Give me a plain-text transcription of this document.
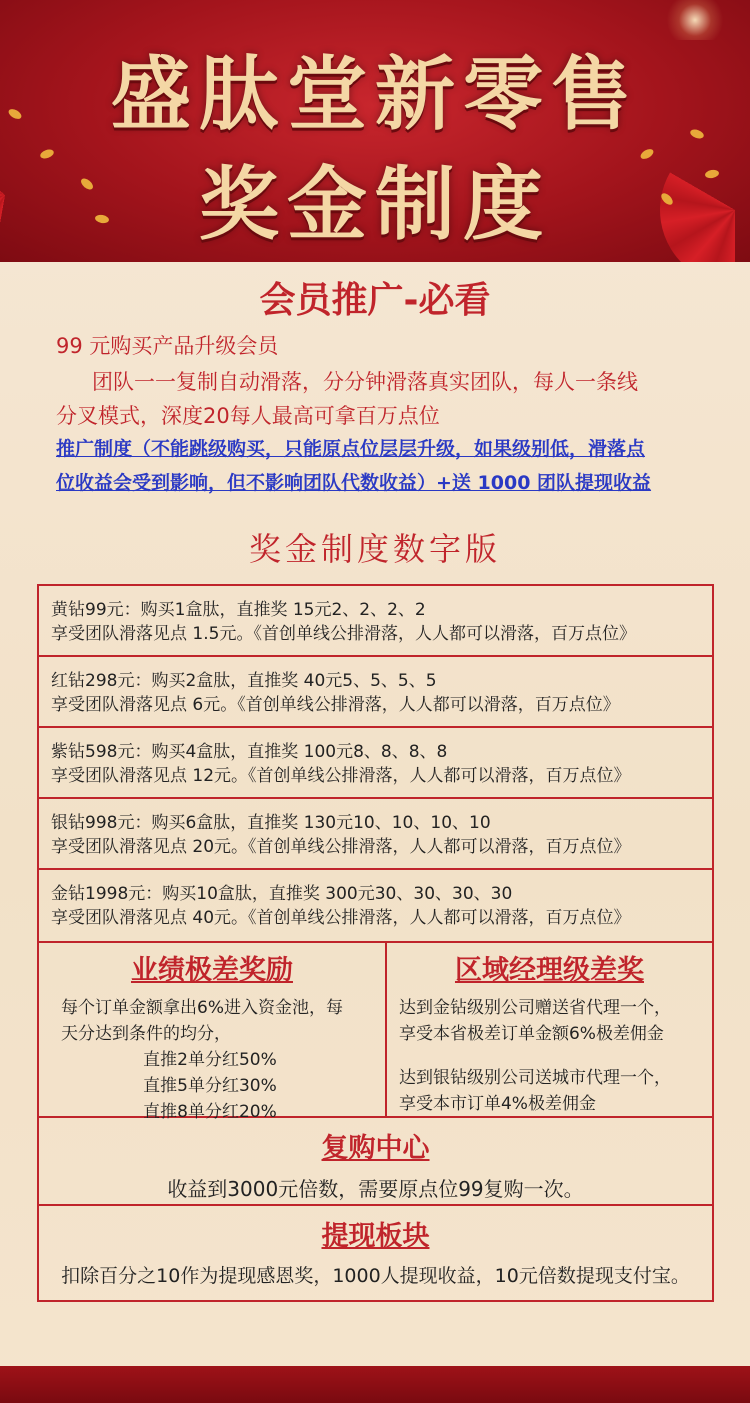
盛肽堂新零售
奖金制度
会员推广-必看
99 元购买产品升级会员
团队一一复制自动滑落，分分钟滑落真实团队，每人一条线
分叉模式，深度20每人最高可拿百万点位
推广制度（不能跳级购买，只能原点位层层升级，如果级别低，滑落点
位收益会受到影响，但不影响团队代数收益）+送 1000 团队提现收益
奖金制度数字版
黄钻99元：购买1盒肽，直推奖 15元2、2、2、2
享受团队滑落见点 1.5元。《首创单线公排滑落，人人都可以滑落，百万点位》
红钻298元：购买2盒肽，直推奖 40元5、5、5、5
享受团队滑落见点 6元。《首创单线公排滑落，人人都可以滑落，百万点位》
紫钻598元：购买4盒肽，直推奖 100元8、8、8、8
享受团队滑落见点 12元。《首创单线公排滑落，人人都可以滑落，百万点位》
银钻998元：购买6盒肽，直推奖 130元10、10、10、10
享受团队滑落见点 20元。《首创单线公排滑落，人人都可以滑落，百万点位》
金钻1998元：购买10盒肽，直推奖 300元30、30、30、30
享受团队滑落见点 40元。《首创单线公排滑落，人人都可以滑落，百万点位》
业绩极差奖励
每个订单金额拿出6%进入资金池，每
天分达到条件的均分，
直推2单分红50%
直推5单分红30%
直推8单分红20%
区域经理级差奖
达到金钻级别公司赠送省代理一个，
享受本省极差订单金额6%极差佣金
达到银钻级别公司送城市代理一个，
享受本市订单4%极差佣金
复购中心
收益到3000元倍数，需要原点位99复购一次。
提现板块
扣除百分之10作为提现感恩奖，1000人提现收益，10元倍数提现支付宝。
